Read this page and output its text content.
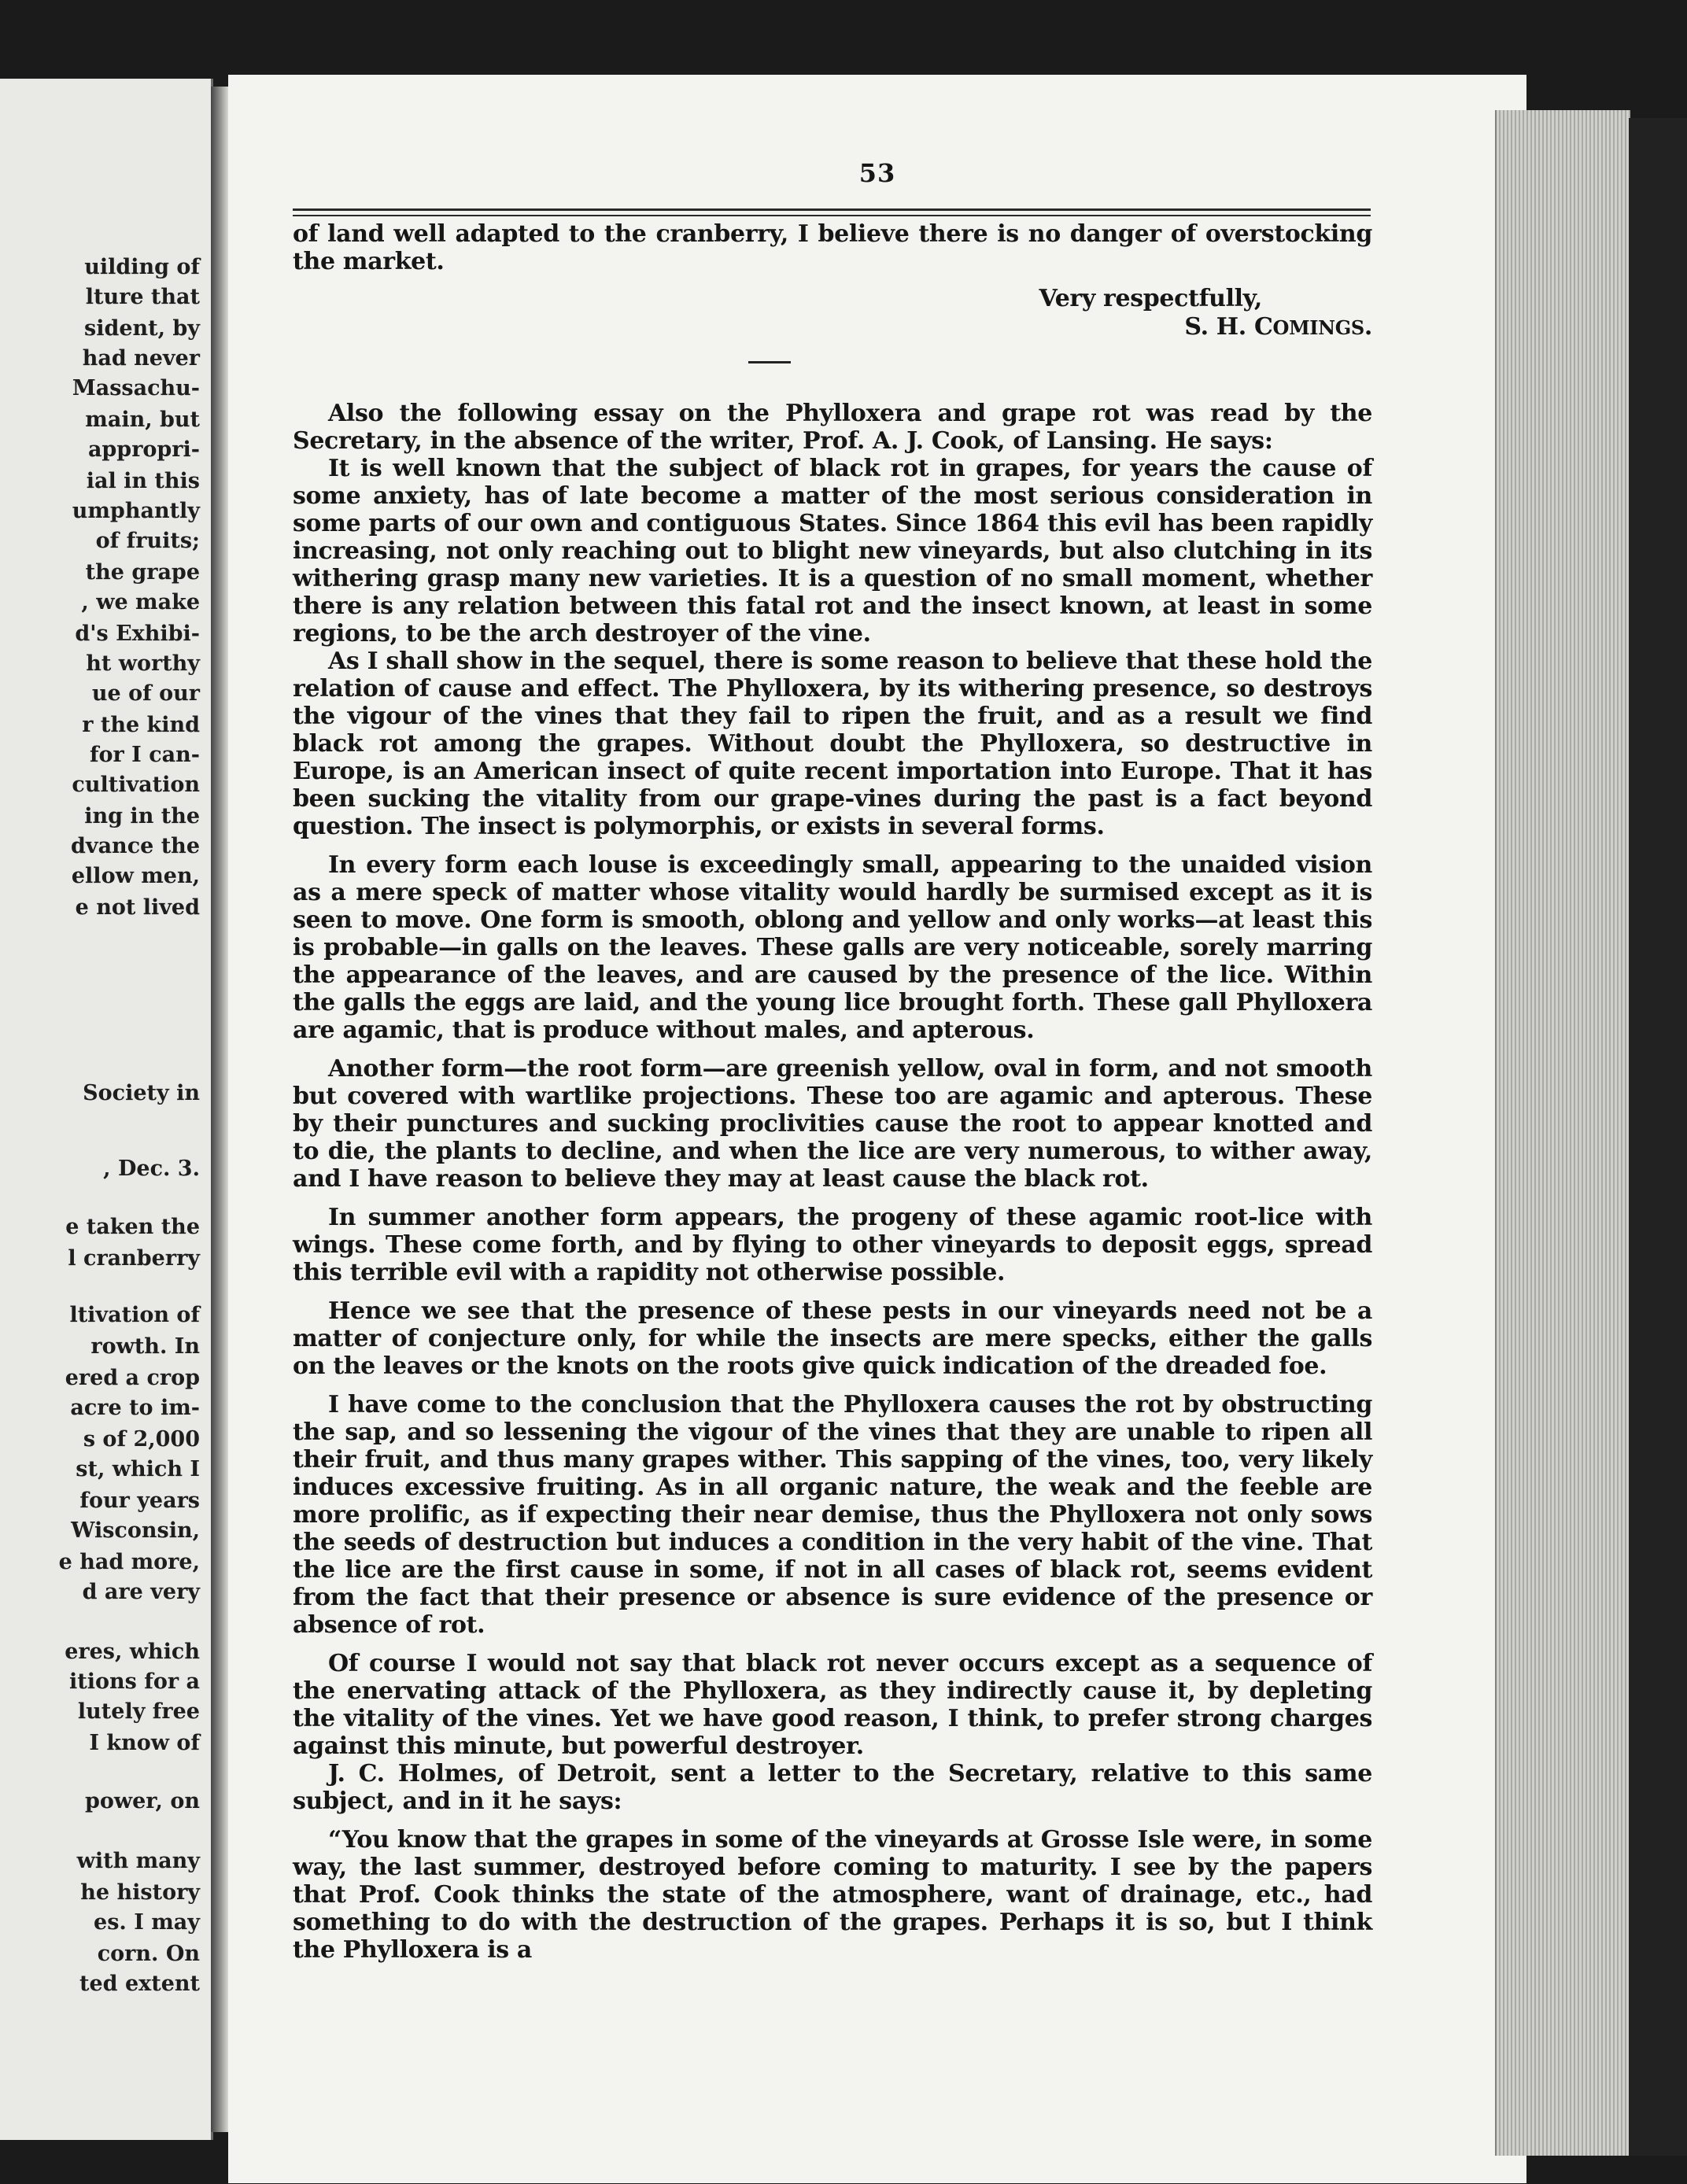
uilding of
lture that
sident, by
had never
Massachu-
main, but
appropri-
ial in this
umphantly
of fruits;
the grape
, we make
d's Exhibi-
ht worthy
ue of our
r the kind
for I can-
cultivation
ing in the
dvance the
ellow men,
e not lived
Society in
, Dec. 3.
e taken the
l cranberry
ltivation of
rowth. In
ered a crop
acre to im-
s of 2,000
st, which I
four years
Wisconsin,
e had more,
d are very
eres, which
itions for a
lutely free
I know of
power, on
with many
he history
es. I may
corn. On
ted extent
53

of land well adapted to the cranberry, I believe there is no danger of overstocking the market.

Very respectfully,
S. H. COMINGS.

Also the following essay on the Phylloxera and grape rot was read by the Secretary, in the absence of the writer, Prof. A. J. Cook, of Lansing. He says:

It is well known that the subject of black rot in grapes, for years the cause of some anxiety, has of late become a matter of the most serious consideration in some parts of our own and contiguous States. Since 1864 this evil has been rapidly increasing, not only reaching out to blight new vineyards, but also clutching in its withering grasp many new varieties. It is a question of no small moment, whether there is any relation between this fatal rot and the insect known, at least in some regions, to be the arch destroyer of the vine.

As I shall show in the sequel, there is some reason to believe that these hold the relation of cause and effect. The Phylloxera, by its withering presence, so destroys the vigour of the vines that they fail to ripen the fruit, and as a result we find black rot among the grapes. Without doubt the Phylloxera, so destructive in Europe, is an American insect of quite recent importation into Europe. That it has been sucking the vitality from our grape-vines during the past is a fact beyond question. The insect is polymorphis, or exists in several forms.

In every form each louse is exceedingly small, appearing to the unaided vision as a mere speck of matter whose vitality would hardly be surmised except as it is seen to move. One form is smooth, oblong and yellow and only works—at least this is probable—in galls on the leaves. These galls are very noticeable, sorely marring the appearance of the leaves, and are caused by the presence of the lice. Within the galls the eggs are laid, and the young lice brought forth. These gall Phylloxera are agamic, that is produce without males, and apterous.

Another form—the root form—are greenish yellow, oval in form, and not smooth but covered with wartlike projections. These too are agamic and apterous. These by their punctures and sucking proclivities cause the root to appear knotted and to die, the plants to decline, and when the lice are very numerous, to wither away, and I have reason to believe they may at least cause the black rot.

In summer another form appears, the progeny of these agamic root-lice with wings. These come forth, and by flying to other vineyards to deposit eggs, spread this terrible evil with a rapidity not otherwise possible.

Hence we see that the presence of these pests in our vineyards need not be a matter of conjecture only, for while the insects are mere specks, either the galls on the leaves or the knots on the roots give quick indication of the dreaded foe.

I have come to the conclusion that the Phylloxera causes the rot by obstructing the sap, and so lessening the vigour of the vines that they are unable to ripen all their fruit, and thus many grapes wither. This sapping of the vines, too, very likely induces excessive fruiting. As in all organic nature, the weak and the feeble are more prolific, as if expecting their near demise, thus the Phylloxera not only sows the seeds of destruction but induces a condition in the very habit of the vine. That the lice are the first cause in some, if not in all cases of black rot, seems evident from the fact that their presence or absence is sure evidence of the presence or absence of rot.

Of course I would not say that black rot never occurs except as a sequence of the enervating attack of the Phylloxera, as they indirectly cause it, by depleting the vitality of the vines. Yet we have good reason, I think, to prefer strong charges against this minute, but powerful destroyer.

J. C. Holmes, of Detroit, sent a letter to the Secretary, relative to this same subject, and in it he says:

“You know that the grapes in some of the vineyards at Grosse Isle were, in some way, the last summer, destroyed before coming to maturity. I see by the papers that Prof. Cook thinks the state of the atmosphere, want of drainage, etc., had something to do with the destruction of the grapes. Perhaps it is so, but I think the Phylloxera is a
